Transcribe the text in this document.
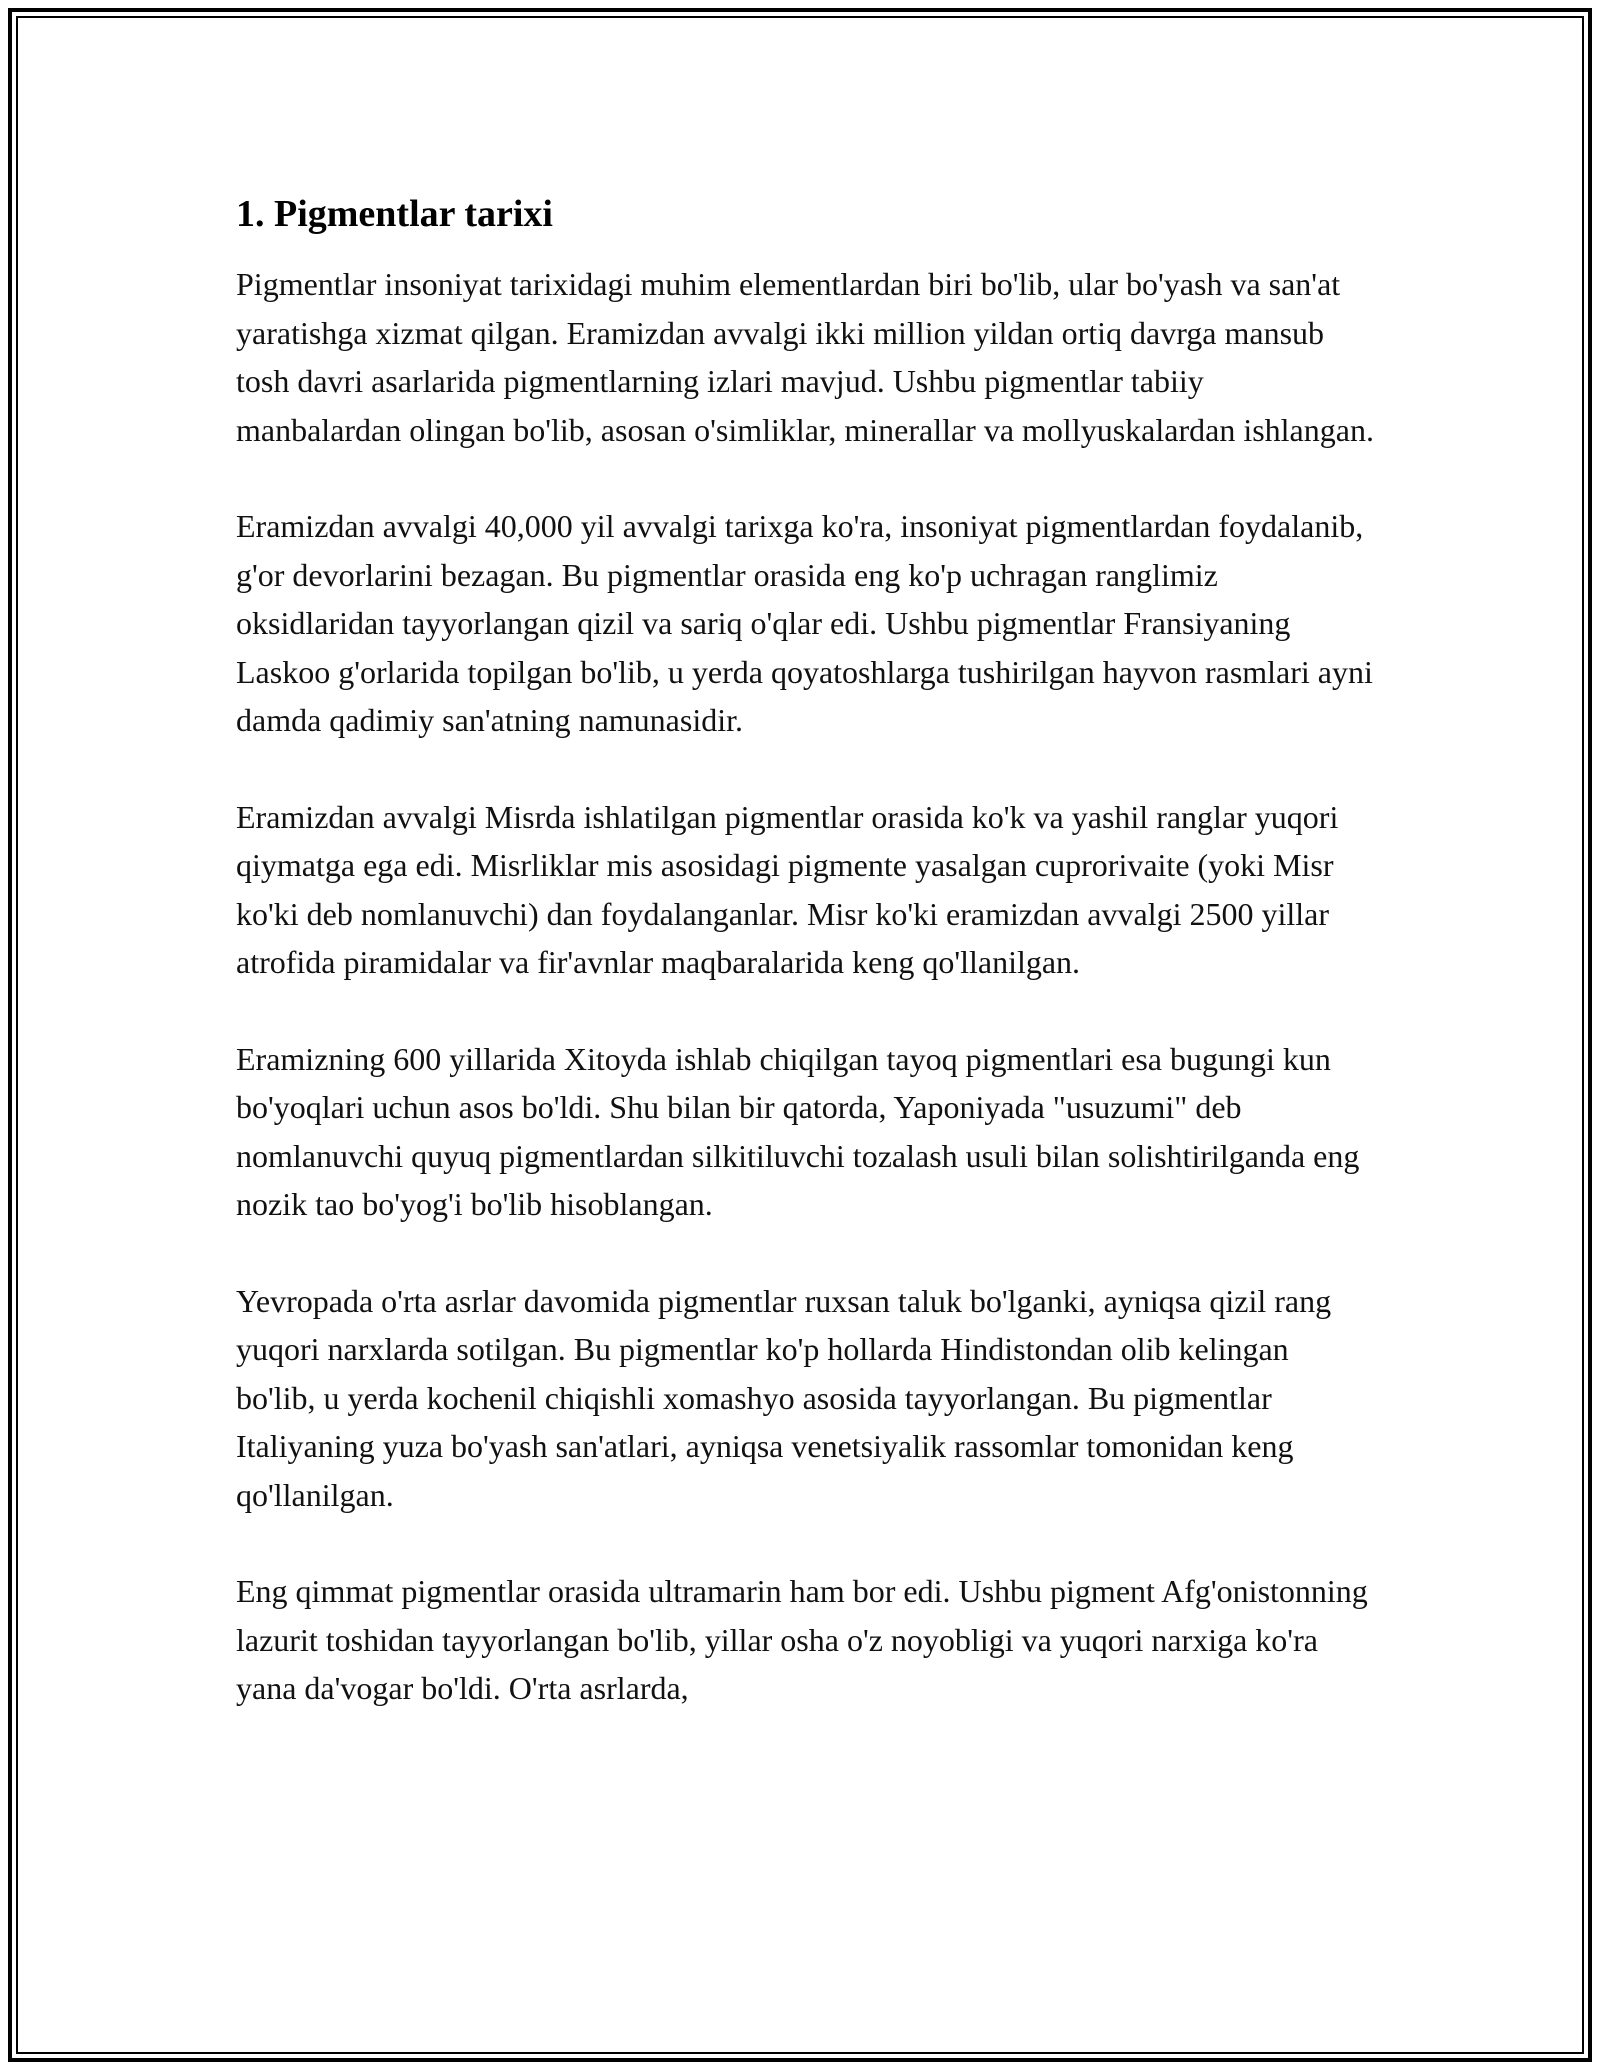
1. Pigmentlar tarixi

Pigmentlar insoniyat tarixidagi muhim elementlardan biri bo'lib, ular bo'yash va san'at yaratishga xizmat qilgan. Eramizdan avvalgi ikki million yildan ortiq davrga mansub tosh davri asarlarida pigmentlarning izlari mavjud. Ushbu pigmentlar tabiiy manbalardan olingan bo'lib, asosan o'simliklar, minerallar va mollyuskalardan ishlangan.

Eramizdan avvalgi 40,000 yil avvalgi tarixga ko'ra, insoniyat pigmentlardan foydalanib, g'or devorlarini bezagan. Bu pigmentlar orasida eng ko'p uchragan ranglimiz oksidlaridan tayyorlangan qizil va sariq o'qlar edi. Ushbu pigmentlar Fransiyaning Laskoo g'orlarida topilgan bo'lib, u yerda qoyatoshlarga tushirilgan hayvon rasmlari ayni damda qadimiy san'atning namunasidir.

Eramizdan avvalgi Misrda ishlatilgan pigmentlar orasida ko'k va yashil ranglar yuqori qiymatga ega edi. Misrliklar mis asosidagi pigmente yasalgan cuprorivaite (yoki Misr ko'ki deb nomlanuvchi) dan foydalanganlar. Misr ko'ki eramizdan avvalgi 2500 yillar atrofida piramidalar va fir'avnlar maqbaralarida keng qo'llanilgan.

Eramizning 600 yillarida Xitoyda ishlab chiqilgan tayoq pigmentlari esa bugungi kun bo'yoqlari uchun asos bo'ldi. Shu bilan bir qatorda, Yaponiyada "usuzumi" deb nomlanuvchi quyuq pigmentlardan silkitiluvchi tozalash usuli bilan solishtirilganda eng nozik tao bo'yog'i bo'lib hisoblangan.

Yevropada o'rta asrlar davomida pigmentlar ruxsan taluk bo'lganki, ayniqsa qizil rang yuqori narxlarda sotilgan. Bu pigmentlar ko'p hollarda Hindistondan olib kelingan bo'lib, u yerda kochenil chiqishli xomashyo asosida tayyorlangan. Bu pigmentlar Italiyaning yuza bo'yash san'atlari, ayniqsa venetsiyalik rassomlar tomonidan keng qo'llanilgan.

Eng qimmat pigmentlar orasida ultramarin ham bor edi. Ushbu pigment Afg'onistonning lazurit toshidan tayyorlangan bo'lib, yillar osha o'z noyobligi va yuqori narxiga ko'ra yana da'vogar bo'ldi. O'rta asrlarda,
